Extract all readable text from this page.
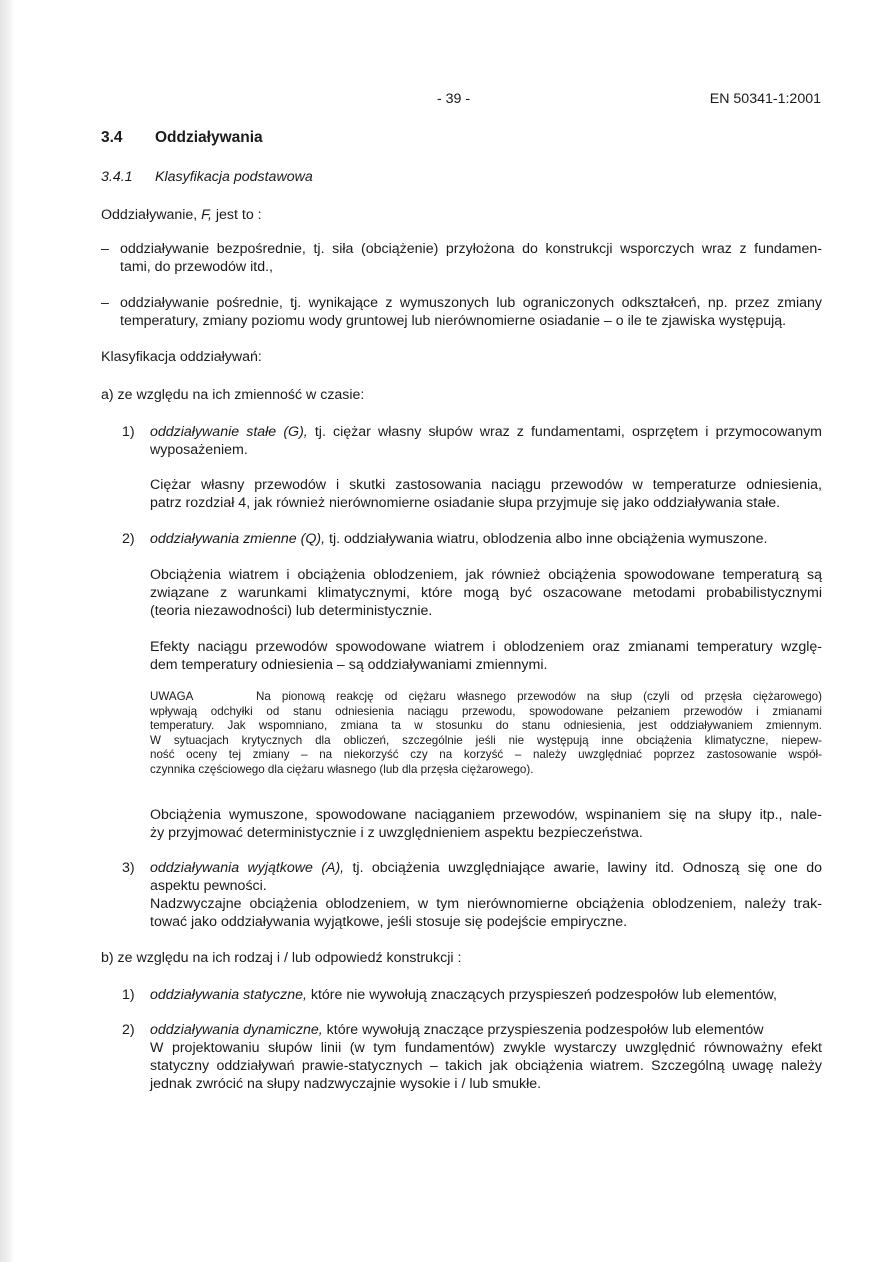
- 39 -	EN 50341-1:2001
3.4 Oddziaływania
3.4.1 Klasyfikacja podstawowa
Oddziaływanie, F, jest to :
– oddziaływanie bezpośrednie, tj. siła (obciążenie) przyłożona do konstrukcji wsporczych wraz z fundamen-
tami, do przewodów itd.,
– oddziaływanie pośrednie, tj. wynikające z wymuszonych lub ograniczonych odkształceń, np. przez zmiany
temperatury, zmiany poziomu wody gruntowej lub nierównomierne osiadanie – o ile te zjawiska występują.
Klasyfikacja oddziaływań:
a) ze względu na ich zmienność w czasie:
1) oddziaływanie stałe (G), tj. ciężar własny słupów wraz z fundamentami, osprzętem i przymocowanym
wyposażeniem.
Ciężar własny przewodów i skutki zastosowania naciągu przewodów w temperaturze odniesienia,
patrz rozdział 4, jak również nierównomierne osiadanie słupa przyjmuje się jako oddziaływania stałe.
2) oddziaływania zmienne (Q), tj. oddziaływania wiatru, oblodzenia albo inne obciążenia wymuszone.
Obciążenia wiatrem i obciążenia oblodzeniem, jak również obciążenia spowodowane temperaturą są
związane z warunkami klimatycznymi, które mogą być oszacowane metodami probabilistycznymi
(teoria niezawodności) lub deterministycznie.
Efekty naciągu przewodów spowodowane wiatrem i oblodzeniem oraz zmianami temperatury wzglę-
dem temperatury odniesienia – są oddziaływaniami zmiennymi.
UWAGA	Na pionową reakcję od ciężaru własnego przewodów na słup (czyli od przęsła ciężarowego)
wpływają odchyłki od stanu odniesienia naciągu przewodu, spowodowane pełzaniem przewodów i zmianami
temperatury. Jak wspomniano, zmiana ta w stosunku do stanu odniesienia, jest oddziaływaniem zmiennym.
W sytuacjach krytycznych dla obliczeń, szczególnie jeśli nie występują inne obciążenia klimatyczne, niepew-
ność oceny tej zmiany – na niekorzyść czy na korzyść – należy uwzględniać poprzez zastosowanie współ-
czynnika częściowego dla ciężaru własnego (lub dla przęsła ciężarowego).
Obciążenia wymuszone, spowodowane naciąganiem przewodów, wspinaniem się na słupy itp., nale-
ży przyjmować deterministycznie i z uwzględnieniem aspektu bezpieczeństwa.
3) oddziaływania wyjątkowe (A), tj. obciążenia uwzględniające awarie, lawiny itd. Odnoszą się one do
aspektu pewności.
Nadzwyczajne obciążenia oblodzeniem, w tym nierównomierne obciążenia oblodzeniem, należy trak-
tować jako oddziaływania wyjątkowe, jeśli stosuje się podejście empiryczne.
b) ze względu na ich rodzaj i / lub odpowiedź konstrukcji :
1) oddziaływania statyczne, które nie wywołują znaczących przyspieszeń podzespołów lub elementów,
2) oddziaływania dynamiczne, które wywołują znaczące przyspieszenia podzespołów lub elementów
W projektowaniu słupów linii (w tym fundamentów) zwykle wystarczy uwzględnić równoważny efekt
statyczny oddziaływań prawie-statycznych – takich jak obciążenia wiatrem. Szczególną uwagę należy
jednak zwrócić na słupy nadzwyczajnie wysokie i / lub smukłe.
